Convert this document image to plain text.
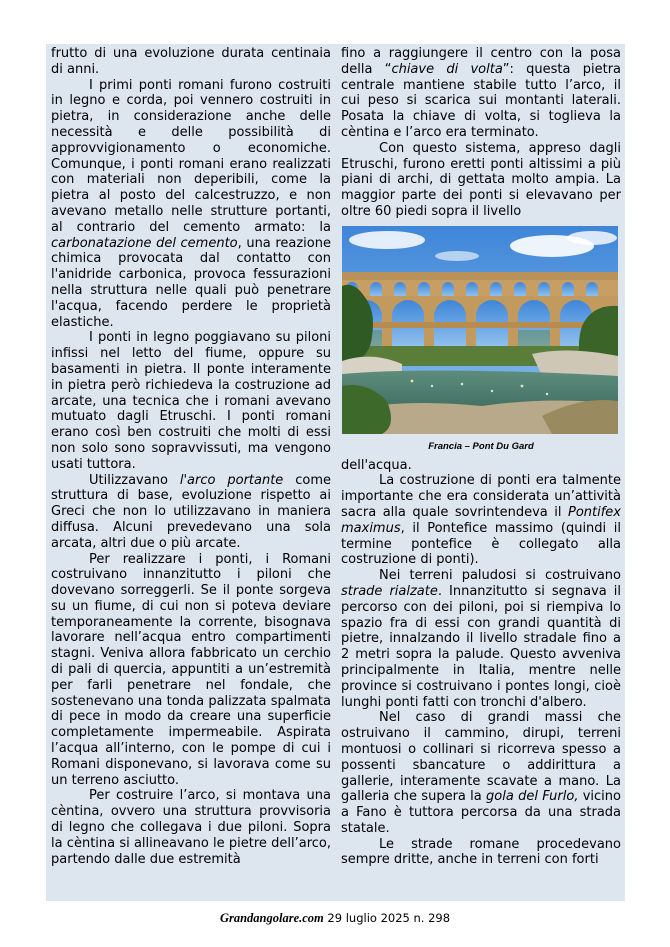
frutto di una evoluzione durata centinaia di anni.

I primi ponti romani furono costruiti in legno e corda, poi vennero costruiti in pietra, in considerazione anche delle necessità e delle possibilità di approvvigionamento o economiche. Comunque, i ponti romani erano realizzati con materiali non deperibili, come la pietra al posto del calcestruzzo, e non avevano metallo nelle strutture portanti, al contrario del cemento armato: la carbonatazione del cemento, una reazione chimica provocata dal contatto con l'anidride carbonica, provoca fessurazioni nella struttura nelle quali può penetrare l'acqua, facendo perdere le proprietà elastiche.

I ponti in legno poggiavano su piloni infissi nel letto del fiume, oppure su basamenti in pietra. Il ponte interamente in pietra però richiedeva la costruzione ad arcate, una tecnica che i romani avevano mutuato dagli Etruschi. I ponti romani erano così ben costruiti che molti di essi non solo sono sopravvissuti, ma vengono usati tuttora.

Utilizzavano l'arco portante come struttura di base, evoluzione rispetto ai Greci che non lo utilizzavano in maniera diffusa. Alcuni prevedevano una sola arcata, altri due o più arcate.

Per realizzare i ponti, i Romani costruivano innanzitutto i piloni che dovevano sorreggerli. Se il ponte sorgeva su un fiume, di cui non si poteva deviare temporaneamente la corrente, bisognava lavorare nell’acqua entro compartimenti stagni. Veniva allora fabbricato un cerchio di pali di quercia, appuntiti a un’estremità per farli penetrare nel fondale, che sostenevano una tonda palizzata spalmata di pece in modo da creare una superficie completamente impermeabile. Aspirata l’acqua all’interno, con le pompe di cui i Romani disponevano, si lavorava come su un terreno asciutto.

Per costruire l’arco, si montava una cèntina, ovvero una struttura provvisoria di legno che collegava i due piloni. Sopra la cèntina si allineavano le pietre dell’arco, partendo dalle due estremità

fino a raggiungere il centro con la posa della “chiave di volta”: questa pietra centrale mantiene stabile tutto l’arco, il cui peso si scarica sui montanti laterali. Posata la chiave di volta, si toglieva la cèntina e l’arco era terminato.

Con questo sistema, appreso dagli Etruschi, furono eretti ponti altissimi a più piani di archi, di gettata molto ampia. La maggior parte dei ponti si elevavano per oltre 60 piedi sopra il livello

Francia – Pont Du Gard

dell'acqua.

La costruzione di ponti era talmente importante che era considerata un’attività sacra alla quale sovrintendeva il Pontifex maximus, il Pontefice massimo (quindi il termine pontefice è collegato alla costruzione di ponti).

Nei terreni paludosi si costruivano strade rialzate. Innanzitutto si segnava il percorso con dei piloni, poi si riempiva lo spazio fra di essi con grandi quantità di pietre, innalzando il livello stradale fino a 2 metri sopra la palude. Questo avveniva principalmente in Italia, mentre nelle province si costruivano i pontes longi, cioè lunghi ponti fatti con tronchi d'albero.

Nel caso di grandi massi che ostruivano il cammino, dirupi, terreni montuosi o collinari si ricorreva spesso a possenti sbancature o addirittura a gallerie, interamente scavate a mano. La galleria che supera la gola del Furlo, vicino a Fano è tuttora percorsa da una strada statale.

Le strade romane procedevano sempre dritte, anche in terreni con forti

Grandangolare.com 29 luglio 2025 n. 298
